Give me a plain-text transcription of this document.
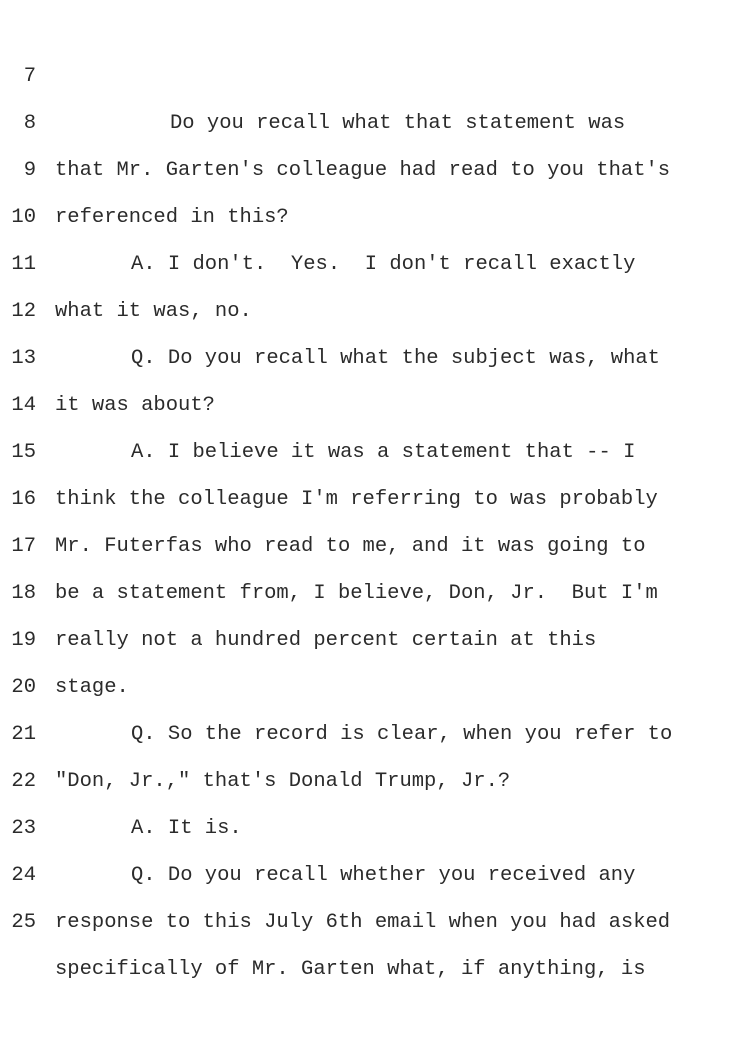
7

Do you recall what that statement was

8

that Mr. Garten's colleague had read to you that's

9

referenced in this?

10

A. I don't.  Yes.  I don't recall exactly

11

what it was, no.

12

Q. Do you recall what the subject was, what

13

it was about?

14

A. I believe it was a statement that -- I

15

think the colleague I'm referring to was probably

16

Mr. Futerfas who read to me, and it was going to

17

be a statement from, I believe, Don, Jr.  But I'm

18

really not a hundred percent certain at this

19

stage.

20

Q. So the record is clear, when you refer to

21

"Don, Jr.," that's Donald Trump, Jr.?

22

A. It is.

23

Q. Do you recall whether you received any

24

response to this July 6th email when you had asked

25

specifically of Mr. Garten what, if anything, is
